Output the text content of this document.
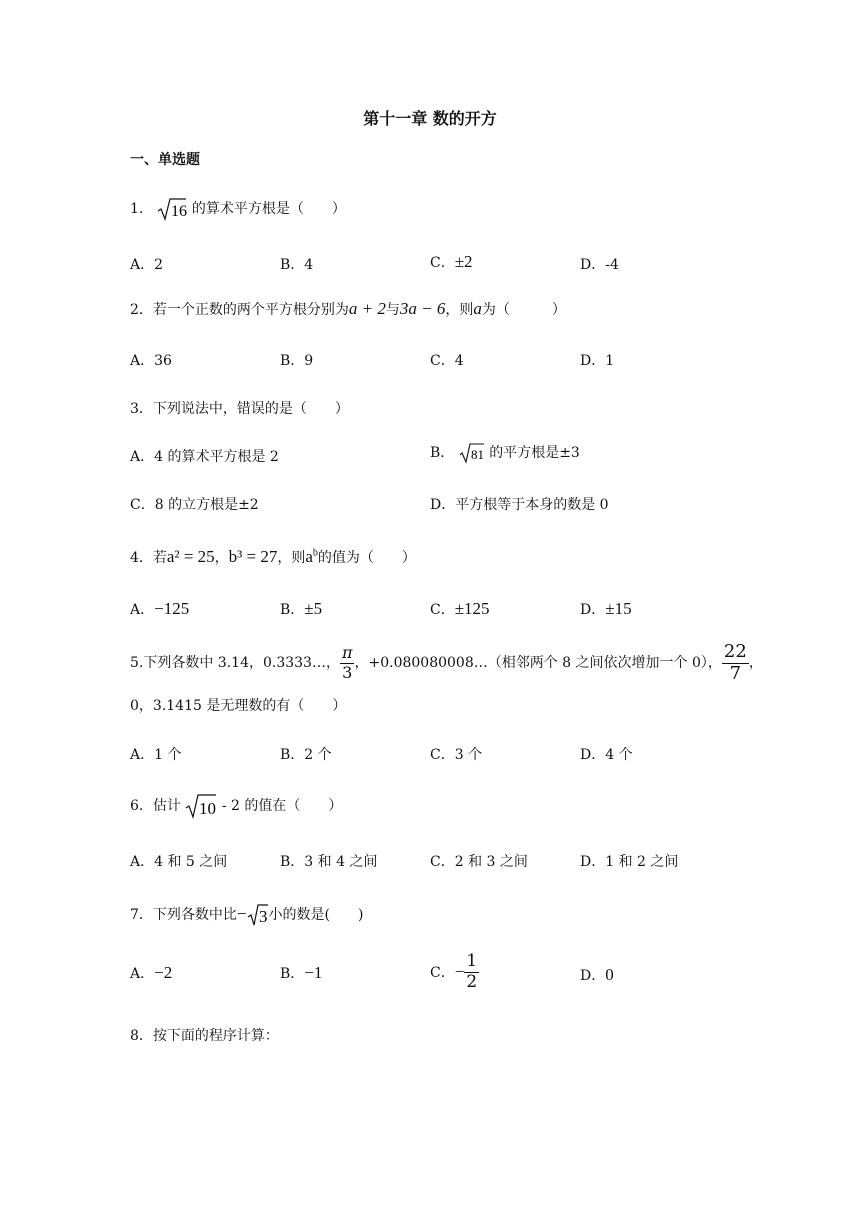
第十一章 数的开方
一、单选题
1． 16 的算术平方根是（　　）
A．2	B．4	C．±2	D．-4
2．若一个正数的两个平方根分别为a + 2与3a − 6，则a为（　　　）
A．36	B．9	C．4	D．1
3．下列说法中，错误的是（　　）
A．4 的算术平方根是 2	B． 81 的平方根是±3
C．8 的立方根是±2	D．平方根等于本身的数是 0
4．若a² = 25，b³ = 27，则$a^b$的值为（　　）
A．−125	B．±5	C．±125	D．±15
5.下列各数中 3.14，0.3333…， $\frac{\pi}{3}$ ，+0.080080008…（相邻两个 8 之间依次增加一个 0）， $\frac{22}{7}$ ，
0，3.1415 是无理数的有（　　）
A．1 个	B．2 个	C．3 个	D．4 个
6．估计 10 - 2 的值在（　　）
A．4 和 5 之间	B．3 和 4 之间	C．2 和 3 之间	D．1 和 2 之间
7．下列各数中比− 3 小的数是(　　)
A．−2	B．−1	C．− $\frac{1}{2}$	D．0
8．按下面的程序计算：
